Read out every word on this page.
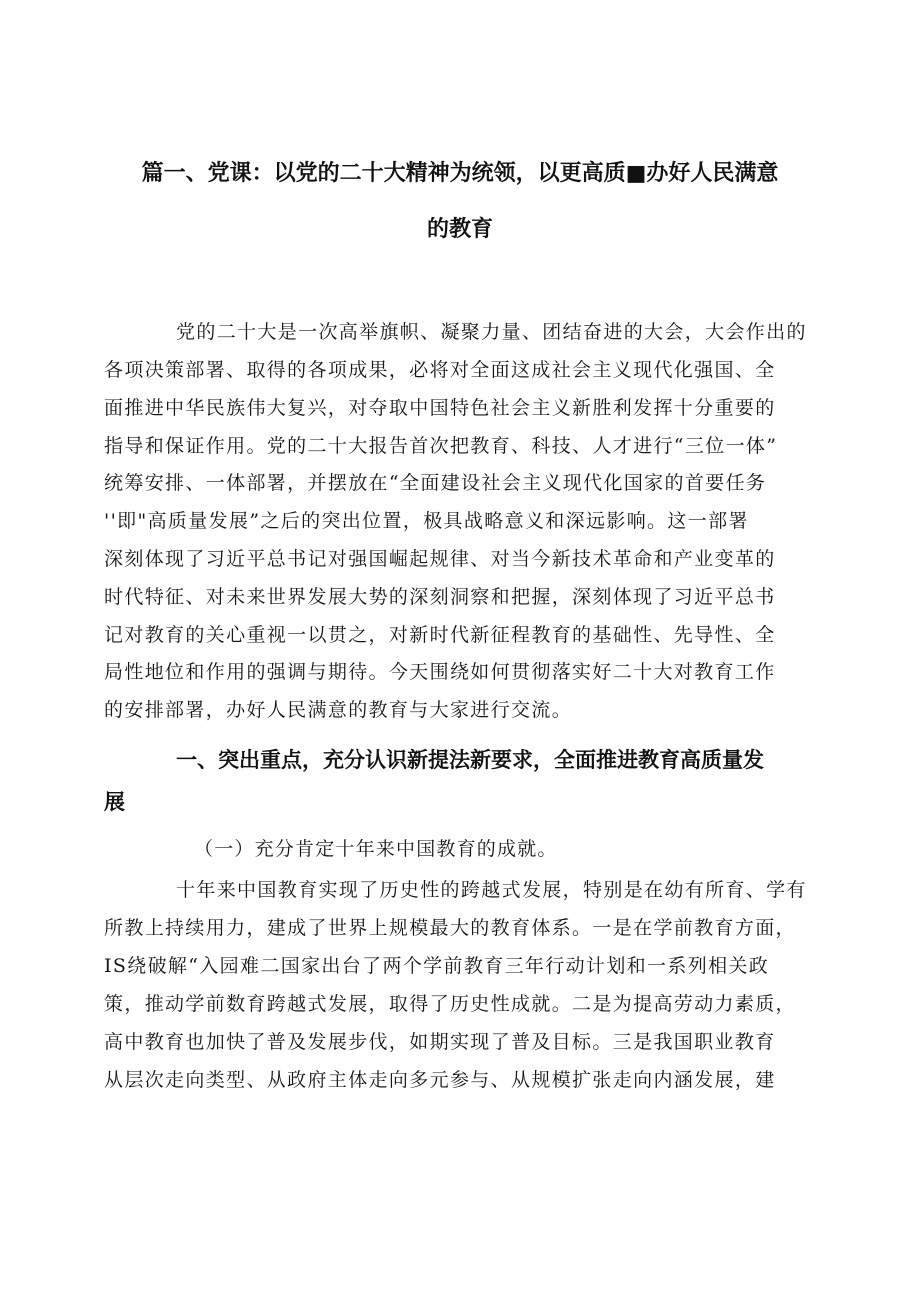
篇一、党课：以党的二十大精神为统领，以更高质■办好人民满意
的教育
党的二十大是一次高举旗帜、凝聚力量、团结奋进的大会，大会作出的
各项决策部署、取得的各项成果，必将对全面这成社会主义现代化强国、全
面推进中华民族伟大复兴，对夺取中国特色社会主义新胜利发挥十分重要的
指导和保证作用。党的二十大报告首次把教育、科技、人才进行“三位一体”
统筹安排、一体部署，并摆放在“全面建设社会主义现代化国家的首要任务
''即"高质量发展”之后的突出位置，极具战略意义和深远影响。这一部署
深刻体现了习近平总书记对强国崛起规律、对当今新技术革命和产业变革的
时代特征、对未来世界发展大势的深刻洞察和把握，深刻体现了习近平总书
记对教育的关心重视一以贯之，对新时代新征程教育的基础性、先导性、全
局性地位和作用的强调与期待。今天围绕如何贯彻落实好二十大对教育工作
的安排部署，办好人民满意的教育与大家进行交流。
一、突出重点，充分认识新提法新要求，全面推进教育高质量发
展
（一）充分肯定十年来中国教育的成就。
十年来中国教育实现了历史性的跨越式发展，特别是在幼有所育、学有
所教上持续用力，建成了世界上规模最大的教育体系。一是在学前教育方面，
IS绕破解“入园难二国家出台了两个学前教育三年行动计划和一系列相关政
策，推动学前数育跨越式发展，取得了历史性成就。二是为提高劳动力素质，
高中教育也加快了普及发展步伐，如期实现了普及目标。三是我国职业教育
从层次走向类型、从政府主体走向多元参与、从规模扩张走向内涵发展，建
